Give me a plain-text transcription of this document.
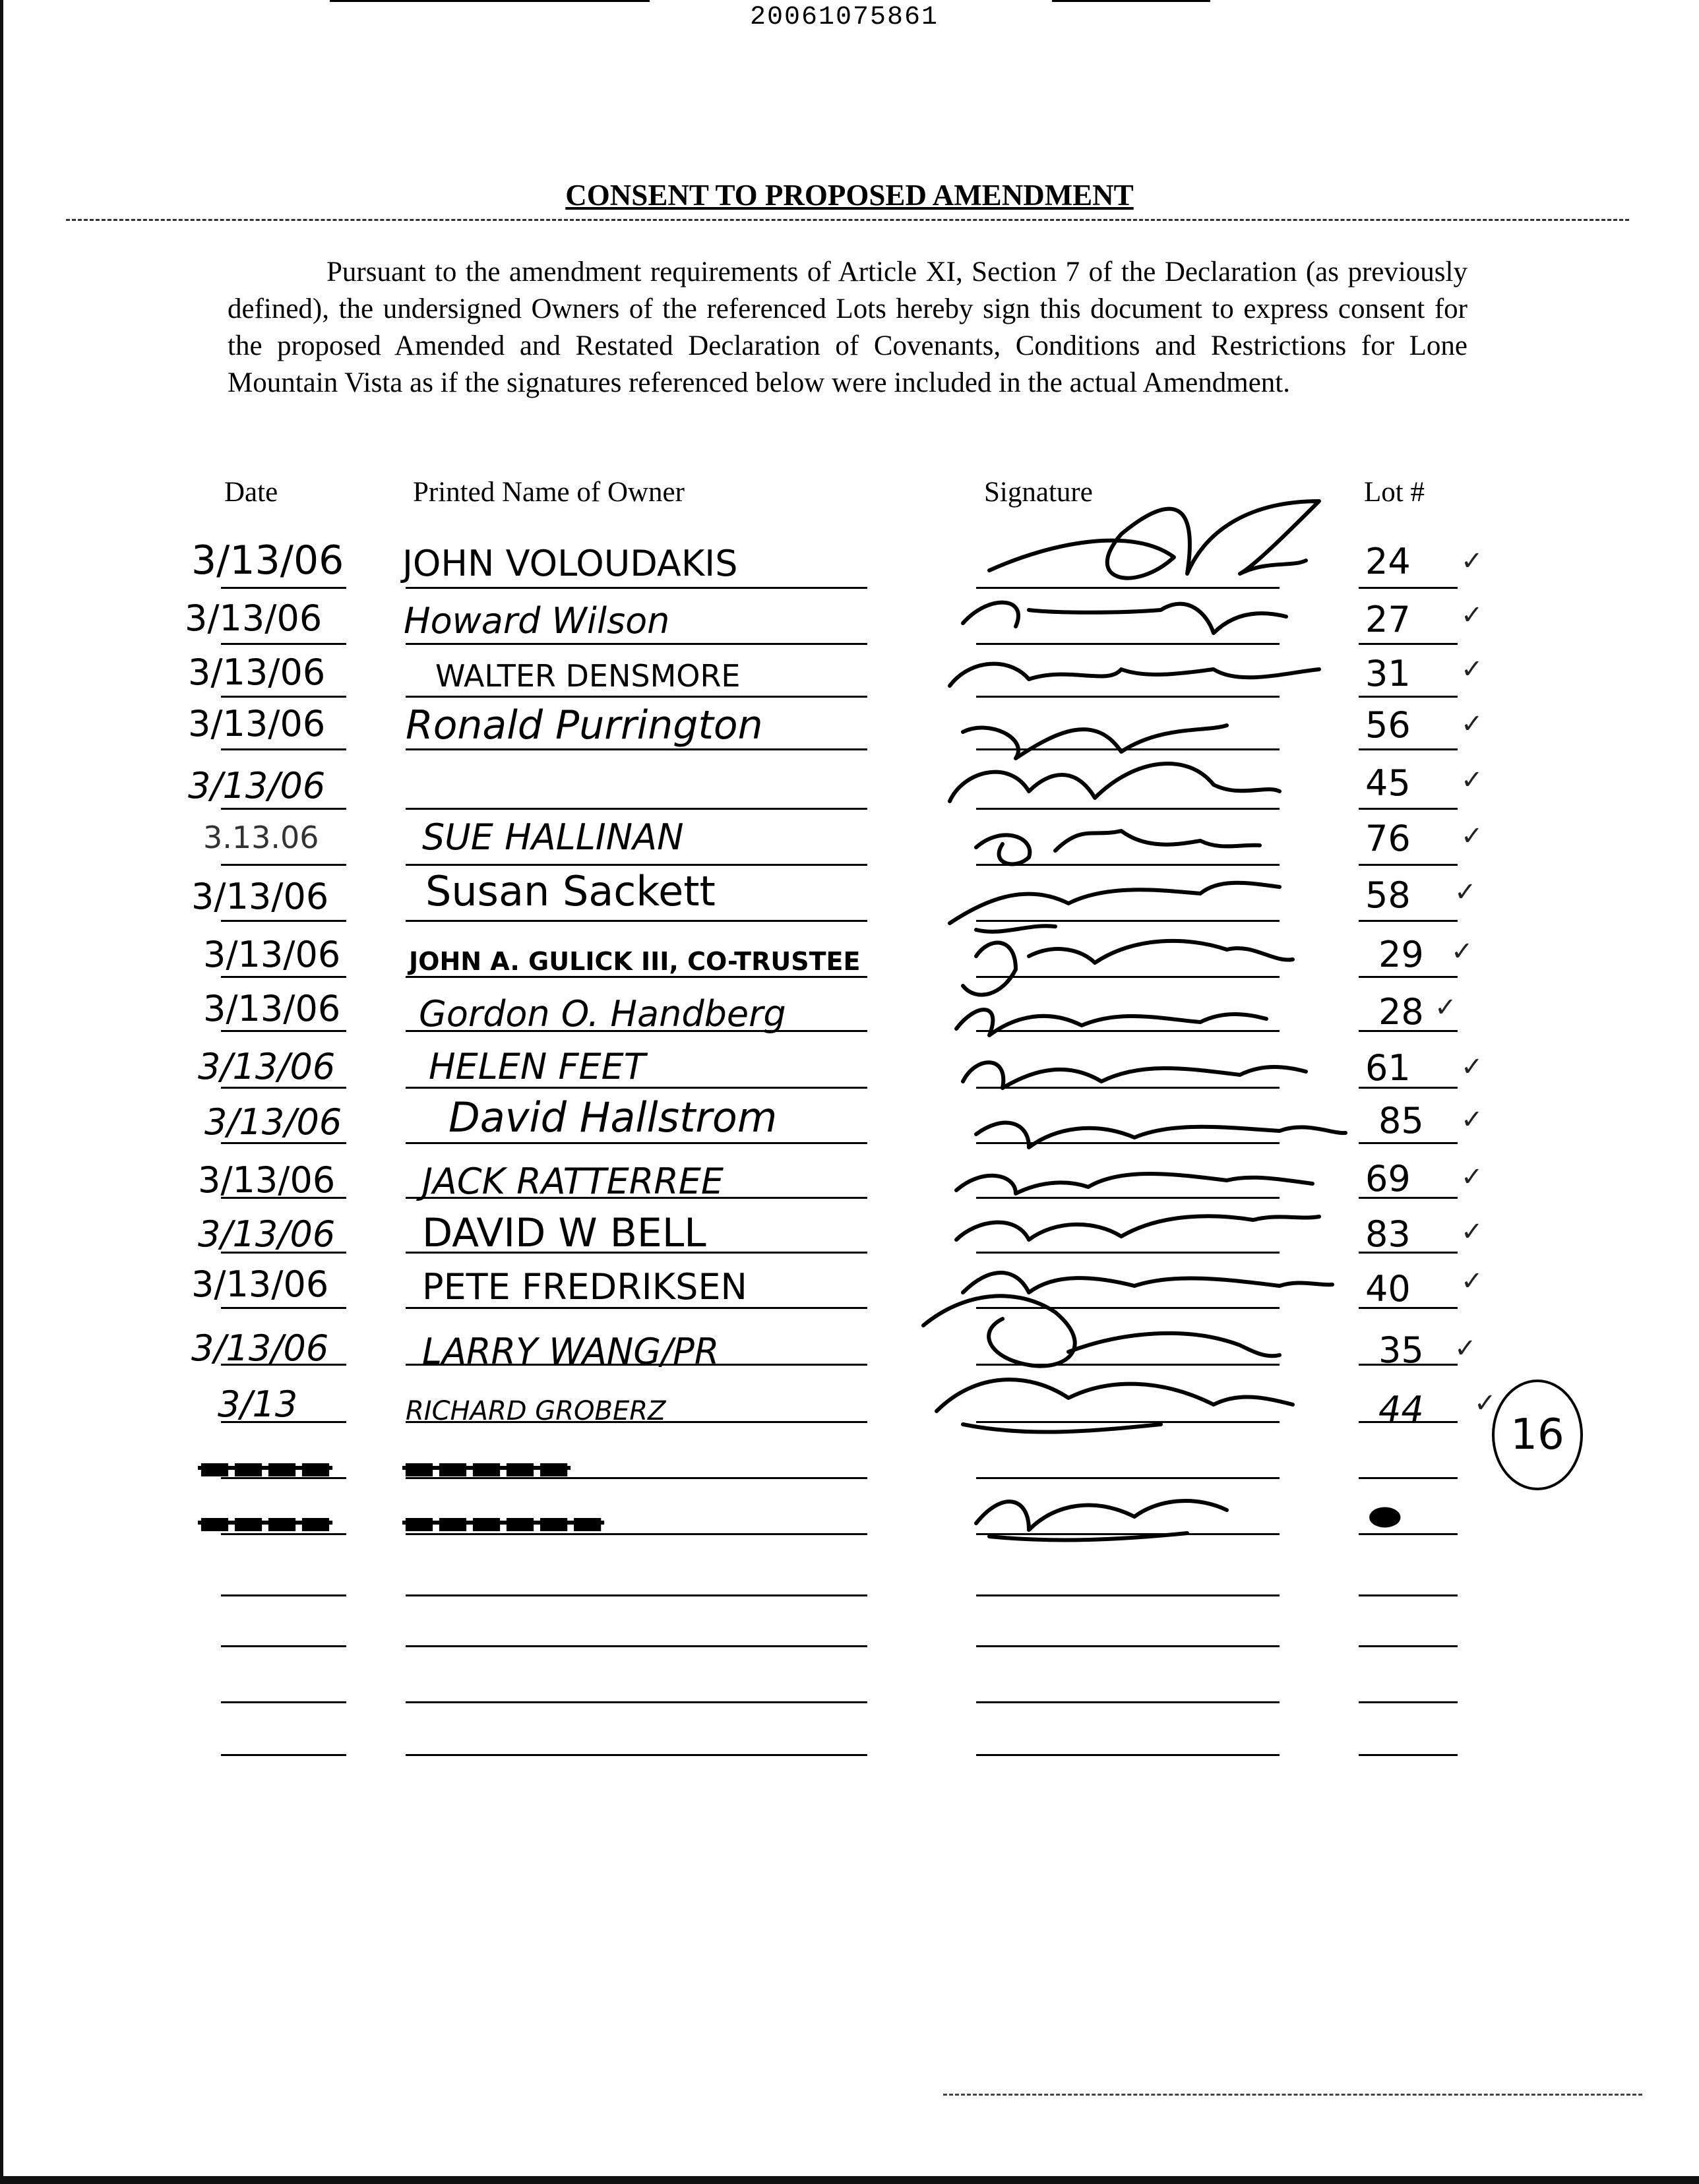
20061075861
CONSENT TO PROPOSED AMENDMENT

Pursuant to the amendment requirements of Article XI, Section 7 of the Declaration (as previously defined), the undersigned Owners of the referenced Lots hereby sign this document to express consent for the proposed Amended and Restated Declaration of Covenants, Conditions and Restrictions for Lone Mountain Vista as if the signatures referenced below were included in the actual Amendment.

Date	Printed Name of Owner	Signature	Lot #
3/13/06 JOHN VOLOUDAKIS	24 ✓
3/13/06 Howard Wilson	27 ✓
3/13/06	WALTER DENSMORE	31 ✓
3/13/06 Ronald Purrington	56 ✓
3/13/06	45 ✓
3.13.06	SUE HALLINAN	76 ✓
3/13/06 Susan Sackett	58 ✓
3/13/06	JOHN A. GULICK III, CO-TRUSTEE	29 ✓
3/13/06 Gordon O. Handberg	28 ✓
3/13/06	HELEN FEET	61 ✓
3/13/06	David Hallstrom	85 ✓
3/13/06 JACK RATTERREE	69 ✓
3/13/06 DAVID W BELL	83 ✓
3/13/06	PETE FREDRIKSEN	40 ✓
3/13/06	LARRY WANG/PR	35 ✓
3/13	RICHARD GROBERZ	44 ✓
16
▬▬▬▬ ▬▬▬▬▬
▬▬▬▬ ▬▬▬▬▬▬	⬬
